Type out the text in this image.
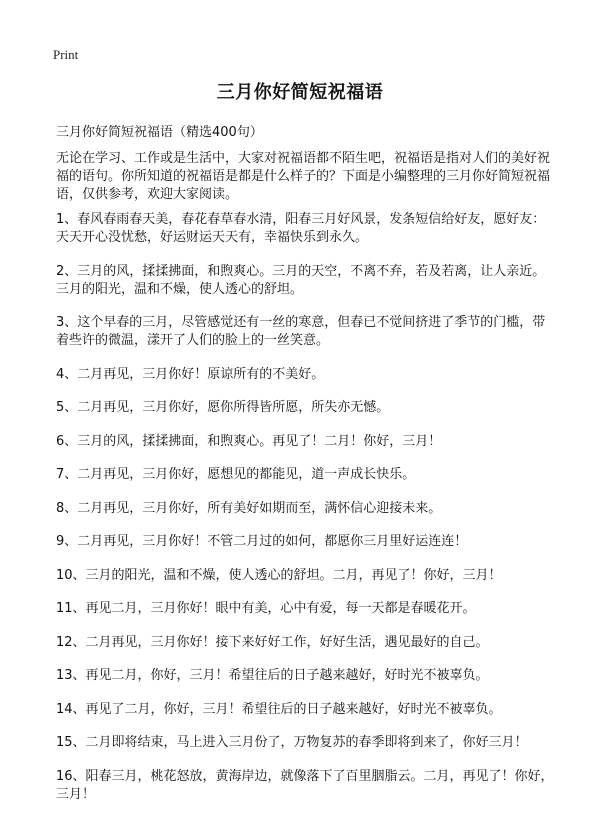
Print
三月你好简短祝福语

三月你好简短祝福语（精选400句）

无论在学习、工作或是生活中，大家对祝福语都不陌生吧，祝福语是指对人们的美好祝福的语句。你所知道的祝福语是都是什么样子的？下面是小编整理的三月你好简短祝福语，仅供参考，欢迎大家阅读。

1、春风春雨春天美，春花春草春水清，阳春三月好风景，发条短信给好友，愿好友：天天开心没忧愁，好运财运天天有，幸福快乐到永久。
2、三月的风，揉揉拂面，和煦爽心。三月的天空，不离不弃，若及若离，让人亲近。三月的阳光，温和不燥，使人透心的舒坦。
3、这个早春的三月，尽管感觉还有一丝的寒意，但春已不觉间挤进了季节的门槛，带着些许的微温，漾开了人们的脸上的一丝笑意。
4、二月再见，三月你好！原谅所有的不美好。
5、二月再见，三月你好，愿你所得皆所愿，所失亦无憾。
6、三月的风，揉揉拂面，和煦爽心。再见了！二月！你好，三月！
7、二月再见，三月你好，愿想见的都能见，道一声成长快乐。
8、二月再见，三月你好，所有美好如期而至，满怀信心迎接未来。
9、二月再见，三月你好！不管二月过的如何，都愿你三月里好运连连！
10、三月的阳光，温和不燥，使人透心的舒坦。二月，再见了！你好，三月！
11、再见二月，三月你好！眼中有美，心中有爱，每一天都是春暖花开。
12、二月再见，三月你好！接下来好好工作，好好生活，遇见最好的自己。
13、再见二月，你好，三月！希望往后的日子越来越好，好时光不被辜负。
14、再见了二月，你好，三月！希望往后的日子越来越好，好时光不被辜负。
15、二月即将结束，马上进入三月份了，万物复苏的春季即将到来了，你好三月！
16、阳春三月，桃花怒放，黄海岸边，就像落下了百里胭脂云。二月，再见了！你好，三月！
